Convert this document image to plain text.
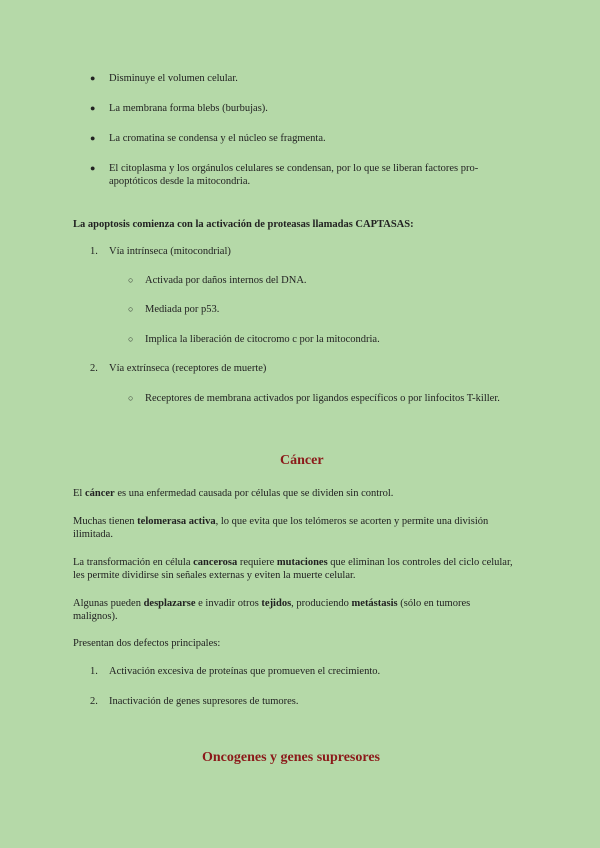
● Disminuye el volumen celular.
● La membrana forma blebs (burbujas).
● La cromatina se condensa y el núcleo se fragmenta.
● El citoplasma y los orgánulos celulares se condensan, por lo que se liberan factores pro-apoptóticos desde la mitocondria.
La apoptosis comienza con la activación de proteasas llamadas CAPTASAS:
1. Vía intrínseca (mitocondrial)
○ Activada por daños internos del DNA.
○ Mediada por p53.
○ Implica la liberación de citocromo c por la mitocondria.
2. Vía extrínseca (receptores de muerte)
○ Receptores de membrana activados por ligandos específicos o por linfocitos T-killer.
Cáncer
El cáncer es una enfermedad causada por células que se dividen sin control.
Muchas tienen telomerasa activa, lo que evita que los telómeros se acorten y permite una división ilimitada.
La transformación en célula cancerosa requiere mutaciones que eliminan los controles del ciclo celular, les permite dividirse sin señales externas y eviten la muerte celular.
Algunas pueden desplazarse e invadir otros tejidos, produciendo metástasis (sólo en tumores malignos).
Presentan dos defectos principales:
1. Activación excesiva de proteínas que promueven el crecimiento.
2. Inactivación de genes supresores de tumores.
Oncogenes y genes supresores
